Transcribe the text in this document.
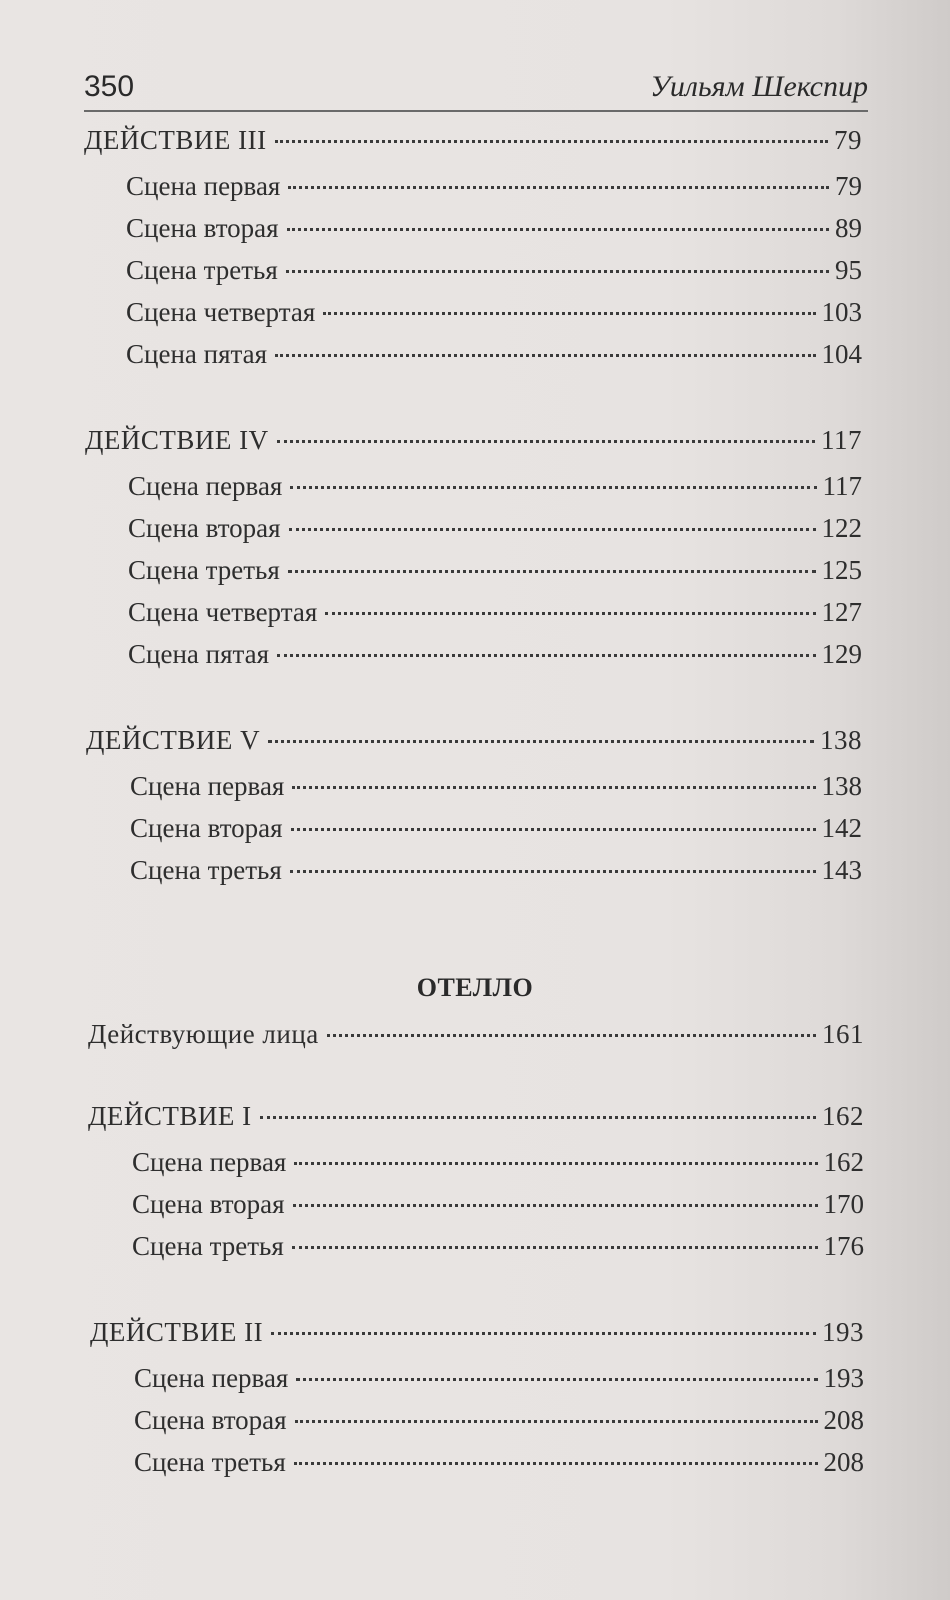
350	Уильям Шекспир
ДЕЙСТВИЕ III	79
Сцена первая	79
Сцена вторая	89
Сцена третья	95
Сцена четвертая	103
Сцена пятая	104
ДЕЙСТВИЕ IV	117
Сцена первая	117
Сцена вторая	122
Сцена третья	125
Сцена четвертая	127
Сцена пятая	129
ДЕЙСТВИЕ V	138
Сцена первая	138
Сцена вторая	142
Сцена третья	143
ОТЕЛЛО
Действующие лица	161
ДЕЙСТВИЕ I	162
Сцена первая	162
Сцена вторая	170
Сцена третья	176
ДЕЙСТВИЕ II	193
Сцена первая	193
Сцена вторая	208
Сцена третья	208
